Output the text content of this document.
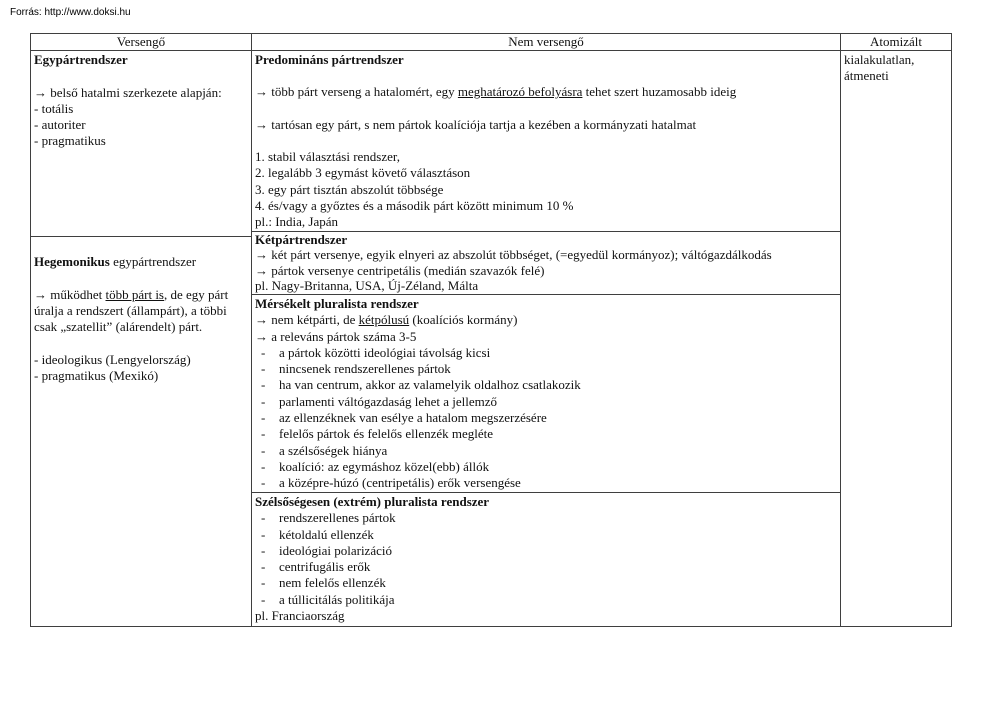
Forrás: http://www.doksi.hu
Versengő	Nem versengő	Atomizált
Egypártrendszer

→ belső hatalmi szerkezete alapján:
- totális
- autoriter
- pragmatikus

Hegemonikus egypártrendszer

→ működhet több párt is, de egy párt
úralja a rendszert (állampárt), a többi
csak „szatellit” (alárendelt) párt.

- ideologikus (Lengyelország)
- pragmatikus (Mexikó)
Predomináns pártrendszer

→ több párt verseng a hatalomért, egy meghatározó befolyásra tehet szert huzamosabb ideig

→ tartósan egy párt, s nem pártok koalíciója tartja a kezében a kormányzati hatalmat

1. stabil választási rendszer,
2. legalább 3 egymást követő választáson
3. egy párt tisztán abszolút többsége
4. és/vagy a győztes és a második párt között minimum 10 %
pl.: India, Japán
Kétpártrendszer
→ két párt versenye, egyik elnyeri az abszolút többséget, (=egyedül kormányoz); váltógazdálkodás
→ pártok versenye centripetális (medián szavazók felé)
pl. Nagy-Britanna, USA, Új-Zéland, Málta
Mérsékelt pluralista rendszer
→ nem kétpárti, de kétpólusú (koalíciós kormány)
→ a releváns pártok száma 3-5
- a pártok közötti ideológiai távolság kicsi
- nincsenek rendszerellenes pártok
- ha van centrum, akkor az valamelyik oldalhoz csatlakozik
- parlamenti váltógazdaság lehet a jellemző
- az ellenzéknek van esélye a hatalom megszerzésére
- felelős pártok és felelős ellenzék megléte
- a szélsőségek hiánya
- koalíció: az egymáshoz közel(ebb) állók
- a középre-húzó (centripetális) erők versengése
Szélsőségesen (extrém) pluralista rendszer
- rendszerellenes pártok
- kétoldalú ellenzék
- ideológiai polarizáció
- centrifugális erők
- nem felelős ellenzék
- a túllicitálás politikája
pl. Franciaország
kialakulatlan,
átmeneti
